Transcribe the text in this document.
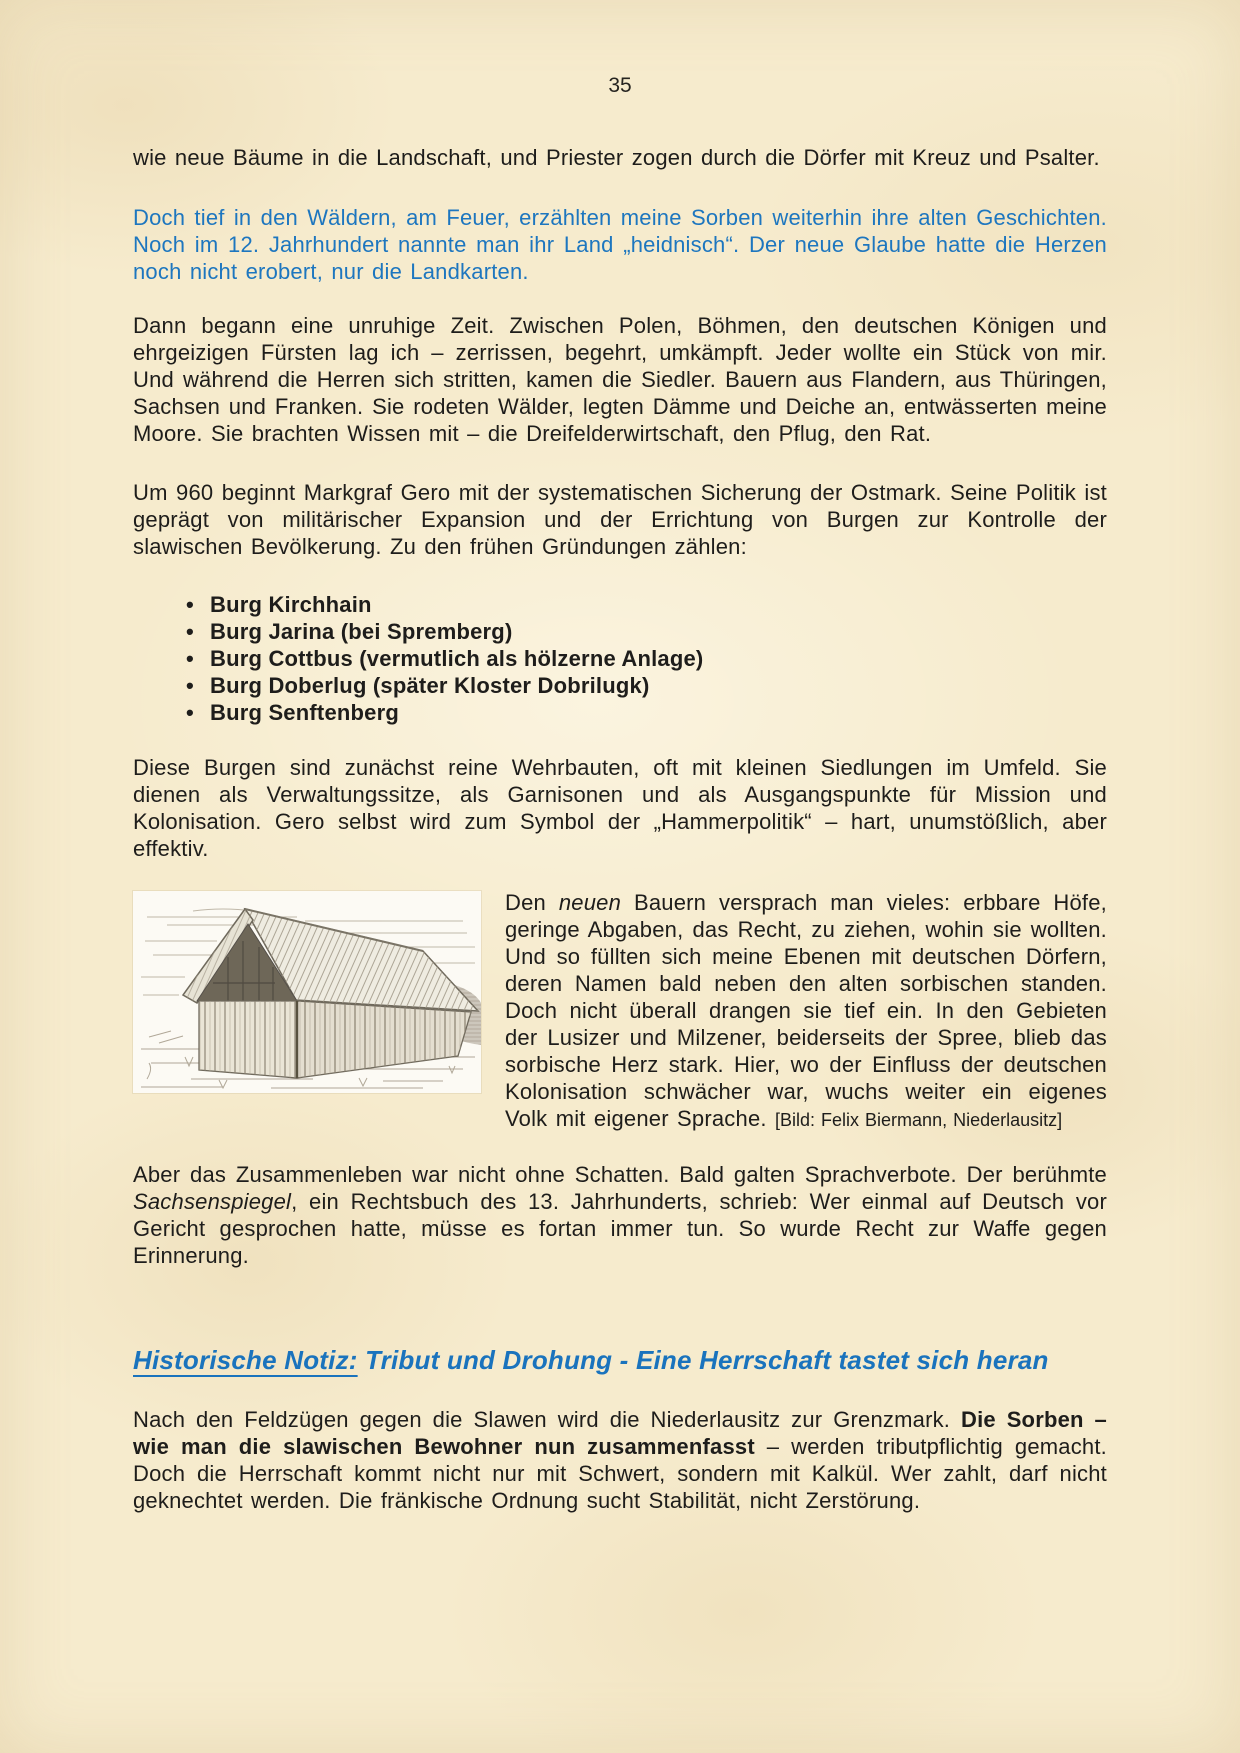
35

wie neue Bäume in die Landschaft, und Priester zogen durch die Dörfer mit Kreuz und Psalter.

Doch tief in den Wäldern, am Feuer, erzählten meine Sorben weiterhin ihre alten Geschichten. Noch im 12. Jahrhundert nannte man ihr Land „heidnisch“. Der neue Glaube hatte die Herzen noch nicht erobert, nur die Landkarten.

Dann begann eine unruhige Zeit. Zwischen Polen, Böhmen, den deutschen Königen und ehrgeizigen Fürsten lag ich – zerrissen, begehrt, umkämpft. Jeder wollte ein Stück von mir. Und während die Herren sich stritten, kamen die Siedler. Bauern aus Flandern, aus Thüringen, Sachsen und Franken. Sie rodeten Wälder, legten Dämme und Deiche an, entwässerten meine Moore. Sie brachten Wissen mit – die Dreifelderwirtschaft, den Pflug, den Rat.

Um 960 beginnt Markgraf Gero mit der systematischen Sicherung der Ostmark. Seine Politik ist geprägt von militärischer Expansion und der Errichtung von Burgen zur Kontrolle der slawischen Bevölkerung. Zu den frühen Gründungen zählen:

• Burg Kirchhain
• Burg Jarina (bei Spremberg)
• Burg Cottbus (vermutlich als hölzerne Anlage)
• Burg Doberlug (später Kloster Dobrilugk)
• Burg Senftenberg

Diese Burgen sind zunächst reine Wehrbauten, oft mit kleinen Siedlungen im Umfeld. Sie dienen als Verwaltungssitze, als Garnisonen und als Ausgangspunkte für Mission und Kolonisation. Gero selbst wird zum Symbol der „Hammerpolitik“ – hart, unumstößlich, aber effektiv.

Den neuen Bauern versprach man vieles: erbbare Höfe, geringe Abgaben, das Recht, zu ziehen, wohin sie wollten. Und so füllten sich meine Ebenen mit deutschen Dörfern, deren Namen bald neben den alten sorbischen standen. Doch nicht überall drangen sie tief ein. In den Gebieten der Lusizer und Milzener, beiderseits der Spree, blieb das sorbische Herz stark. Hier, wo der Einfluss der deutschen Kolonisation schwächer war, wuchs weiter ein eigenes Volk mit eigener Sprache. [Bild: Felix Biermann, Niederlausitz]

Aber das Zusammenleben war nicht ohne Schatten. Bald galten Sprachverbote. Der berühmte Sachsenspiegel, ein Rechtsbuch des 13. Jahrhunderts, schrieb: Wer einmal auf Deutsch vor Gericht gesprochen hatte, müsse es fortan immer tun. So wurde Recht zur Waffe gegen Erinnerung.

Historische Notiz: Tribut und Drohung - Eine Herrschaft tastet sich heran

Nach den Feldzügen gegen die Slawen wird die Niederlausitz zur Grenzmark. Die Sorben – wie man die slawischen Bewohner nun zusammenfasst – werden tributpflichtig gemacht. Doch die Herrschaft kommt nicht nur mit Schwert, sondern mit Kalkül. Wer zahlt, darf nicht geknechtet werden. Die fränkische Ordnung sucht Stabilität, nicht Zerstörung.
